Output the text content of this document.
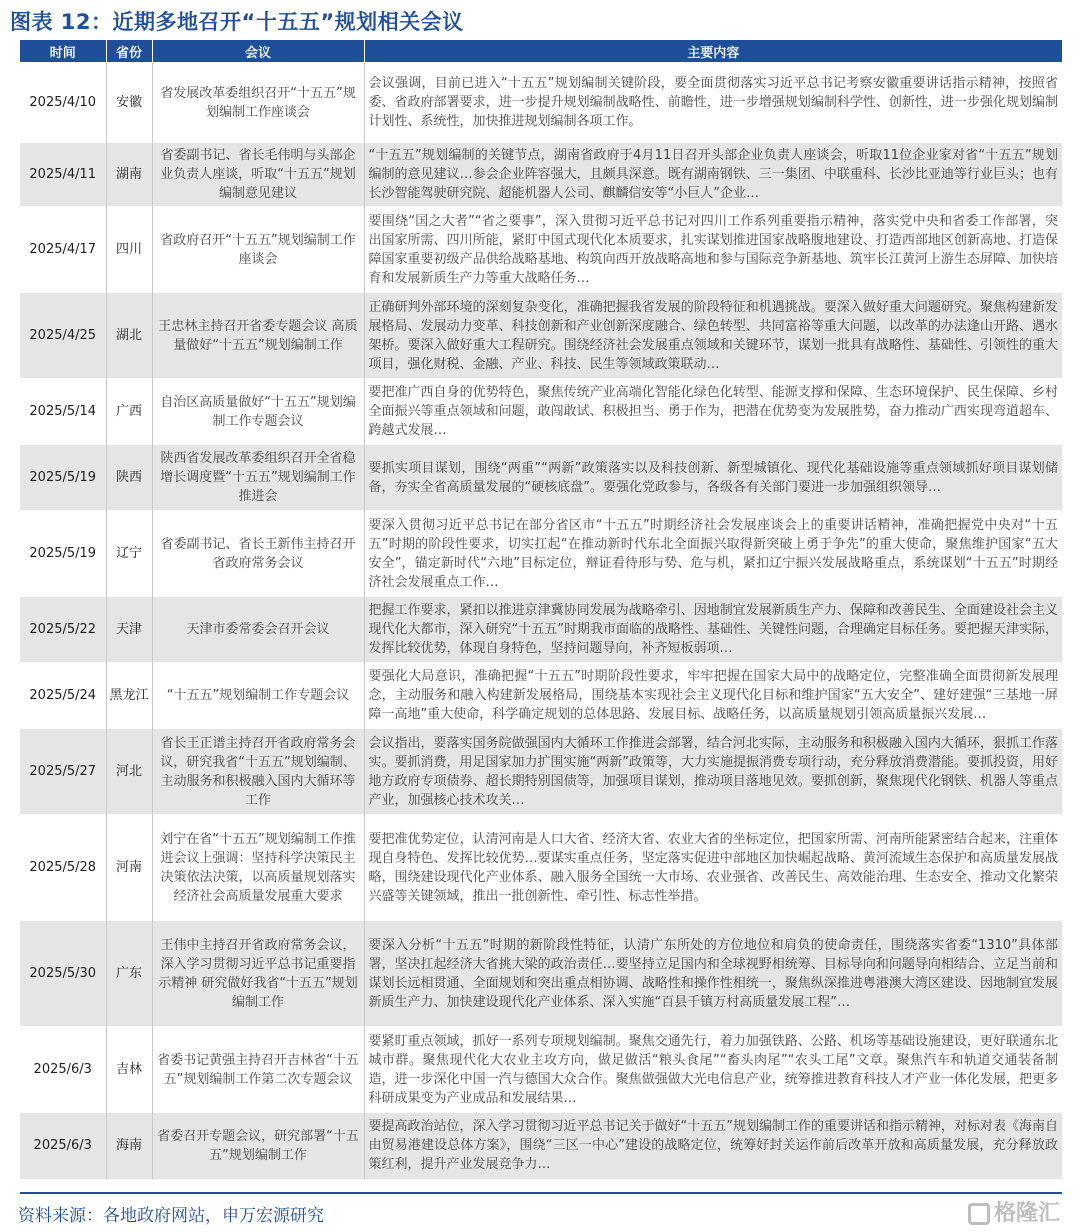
图表 12：近期多地召开“十五五”规划相关会议
时间	省份	会议	主要内容
2025/4/10	安徽	省发展改革委组织召开“十五五”规划编制工作座谈会	会议强调，目前已进入“十五五”规划编制关键阶段，要全面贯彻落实习近平总书记考察安徽重要讲话指示精神，按照省委、省政府部署要求，进一步提升规划编制战略性、前瞻性，进一步增强规划编制科学性、创新性，进一步强化规划编制计划性、系统性，加快推进规划编制各项工作。
2025/4/11	湖南	省委副书记、省长毛伟明与头部企业负责人座谈，听取“十五五”规划编制意见建议	“十五五”规划编制的关键节点，湖南省政府于4月11日召开头部企业负责人座谈会，听取11位企业家对省“十五五”规划编制的意见建议…参会企业阵容强大，且颇具深意。既有湖南钢铁、三一集团、中联重科、长沙比亚迪等行业巨头；也有长沙智能驾驶研究院、超能机器人公司、麒麟信安等“小巨人”企业…
2025/4/17	四川	省政府召开“十五五”规划编制工作座谈会	要围绕“国之大者”“省之要事”，深入贯彻习近平总书记对四川工作系列重要指示精神，落实党中央和省委工作部署，突出国家所需、四川所能，紧盯中国式现代化本质要求，扎实谋划推进国家战略腹地建设、打造西部地区创新高地、打造保障国家重要初级产品供给战略基地、构筑向西开放战略高地和参与国际竞争新基地、筑牢长江黄河上游生态屏障、加快培育和发展新质生产力等重大战略任务…
2025/4/25	湖北	王忠林主持召开省委专题会议 高质量做好“十五五”规划编制工作	正确研判外部环境的深刻复杂变化，准确把握我省发展的阶段特征和机遇挑战。要深入做好重大问题研究。聚焦构建新发展格局、发展动力变革、科技创新和产业创新深度融合、绿色转型、共同富裕等重大问题，以改革的办法逢山开路、遇水架桥。要深入做好重大工程研究。围绕经济社会发展重点领域和关键环节，谋划一批具有战略性、基础性、引领性的重大项目，强化财税、金融、产业、科技、民生等领域政策联动…
2025/5/14	广西	自治区高质量做好“十五五”规划编制工作专题会议	要把准广西自身的优势特色，聚焦传统产业高端化智能化绿色化转型、能源支撑和保障、生态环境保护、民生保障、乡村全面振兴等重点领域和问题，敢闯敢试、积极担当、勇于作为，把潜在优势变为发展胜势，奋力推动广西实现弯道超车、跨越式发展…
2025/5/19	陕西	陕西省发展改革委组织召开全省稳增长调度暨“十五五”规划编制工作推进会	要抓实项目谋划，围绕“两重”“两新”政策落实以及科技创新、新型城镇化、现代化基础设施等重点领域抓好项目谋划储备，夯实全省高质量发展的“硬核底盘”。要强化党政参与，各级各有关部门要进一步加强组织领导…
2025/5/19	辽宁	省委副书记、省长王新伟主持召开省政府常务会议	要深入贯彻习近平总书记在部分省区市“十五五”时期经济社会发展座谈会上的重要讲话精神，准确把握党中央对“十五五”时期的阶段性要求，切实扛起“在推动新时代东北全面振兴取得新突破上勇于争先”的重大使命，聚焦维护国家“五大安全”，锚定新时代“六地”目标定位，辩证看待形与势、危与机，紧扣辽宁振兴发展战略重点，系统谋划“十五五”时期经济社会发展重点工作…
2025/5/22	天津	天津市委常委会召开会议	把握工作要求，紧扣以推进京津冀协同发展为战略牵引、因地制宜发展新质生产力、保障和改善民生、全面建设社会主义现代化大都市，深入研究“十五五”时期我市面临的战略性、基础性、关键性问题，合理确定目标任务。要把握天津实际，发挥比较优势，体现自身特色，坚持问题导向，补齐短板弱项…
2025/5/24	黑龙江	“十五五”规划编制工作专题会议	要强化大局意识，准确把握“十五五”时期阶段性要求，牢牢把握在国家大局中的战略定位，完整准确全面贯彻新发展理念，主动服务和融入构建新发展格局，围绕基本实现社会主义现代化目标和维护国家“五大安全”、建好建强“三基地一屏障一高地”重大使命，科学确定规划的总体思路、发展目标、战略任务，以高质量规划引领高质量振兴发展…
2025/5/27	河北	省长王正谱主持召开省政府常务会议，研究我省“十五五”规划编制、主动服务和积极融入国内大循环等工作	会议指出，要落实国务院做强国内大循环工作推进会部署，结合河北实际，主动服务和积极融入国内大循环，狠抓工作落实。要抓消费，用足国家加力扩围实施“两新”政策等，大力实施提振消费专项行动，充分释放消费潜能。要抓投资，用好地方政府专项债券、超长期特别国债等，加强项目谋划，推动项目落地见效。要抓创新，聚焦现代化钢铁、机器人等重点产业，加强核心技术攻关…
2025/5/28	河南	刘宁在省“十五五”规划编制工作推进会议上强调：坚持科学决策民主决策依法决策，以高质量规划落实经济社会高质量发展重大要求	要把准优势定位，认清河南是人口大省、经济大省、农业大省的坐标定位，把国家所需、河南所能紧密结合起来，注重体现自身特色、发挥比较优势…要谋实重点任务，坚定落实促进中部地区加快崛起战略、黄河流域生态保护和高质量发展战略，围绕建设现代化产业体系、融入服务全国统一大市场、农业强省、改善民生、高效能治理、生态安全、推动文化繁荣兴盛等关键领域，推出一批创新性、牵引性、标志性举措。
2025/5/30	广东	王伟中主持召开省政府常务会议，深入学习贯彻习近平总书记重要指示精神 研究做好我省“十五五”规划编制工作	要深入分析“十五五”时期的新阶段性特征，认清广东所处的方位地位和肩负的使命责任，围绕落实省委“1310”具体部署，坚决扛起经济大省挑大梁的政治责任…要坚持立足国内和全球视野相统筹、目标导向和问题导向相结合、立足当前和谋划长远相贯通、全面规划和突出重点相协调、战略性和操作性相统一，聚焦纵深推进粤港澳大湾区建设、因地制宜发展新质生产力、加快建设现代化产业体系、深入实施“百县千镇万村高质量发展工程”…
2025/6/3	吉林	省委书记黄强主持召开吉林省“十五五”规划编制工作第二次专题会议	要紧盯重点领域，抓好一系列专项规划编制。聚焦交通先行，着力加强铁路、公路、机场等基础设施建设，更好联通东北城市群。聚焦现代化大农业主攻方向，做足做活“粮头食尾”“畜头肉尾”“农头工尾”文章。聚焦汽车和轨道交通装备制造，进一步深化中国一汽与德国大众合作。聚焦做强做大光电信息产业，统筹推进教育科技人才产业一体化发展，把更多科研成果变为产业成品和发展结果…
2025/6/3	海南	省委召开专题会议，研究部署“十五五”规划编制工作	要提高政治站位，深入学习贯彻习近平总书记关于做好“十五五”规划编制工作的重要讲话和指示精神，对标对表《海南自由贸易港建设总体方案》，围绕“三区一中心”建设的战略定位，统筹好封关运作前后改革开放和高质量发展，充分释放政策红利，提升产业发展竞争力…
资料来源：各地政府网站，申万宏源研究	格隆汇
